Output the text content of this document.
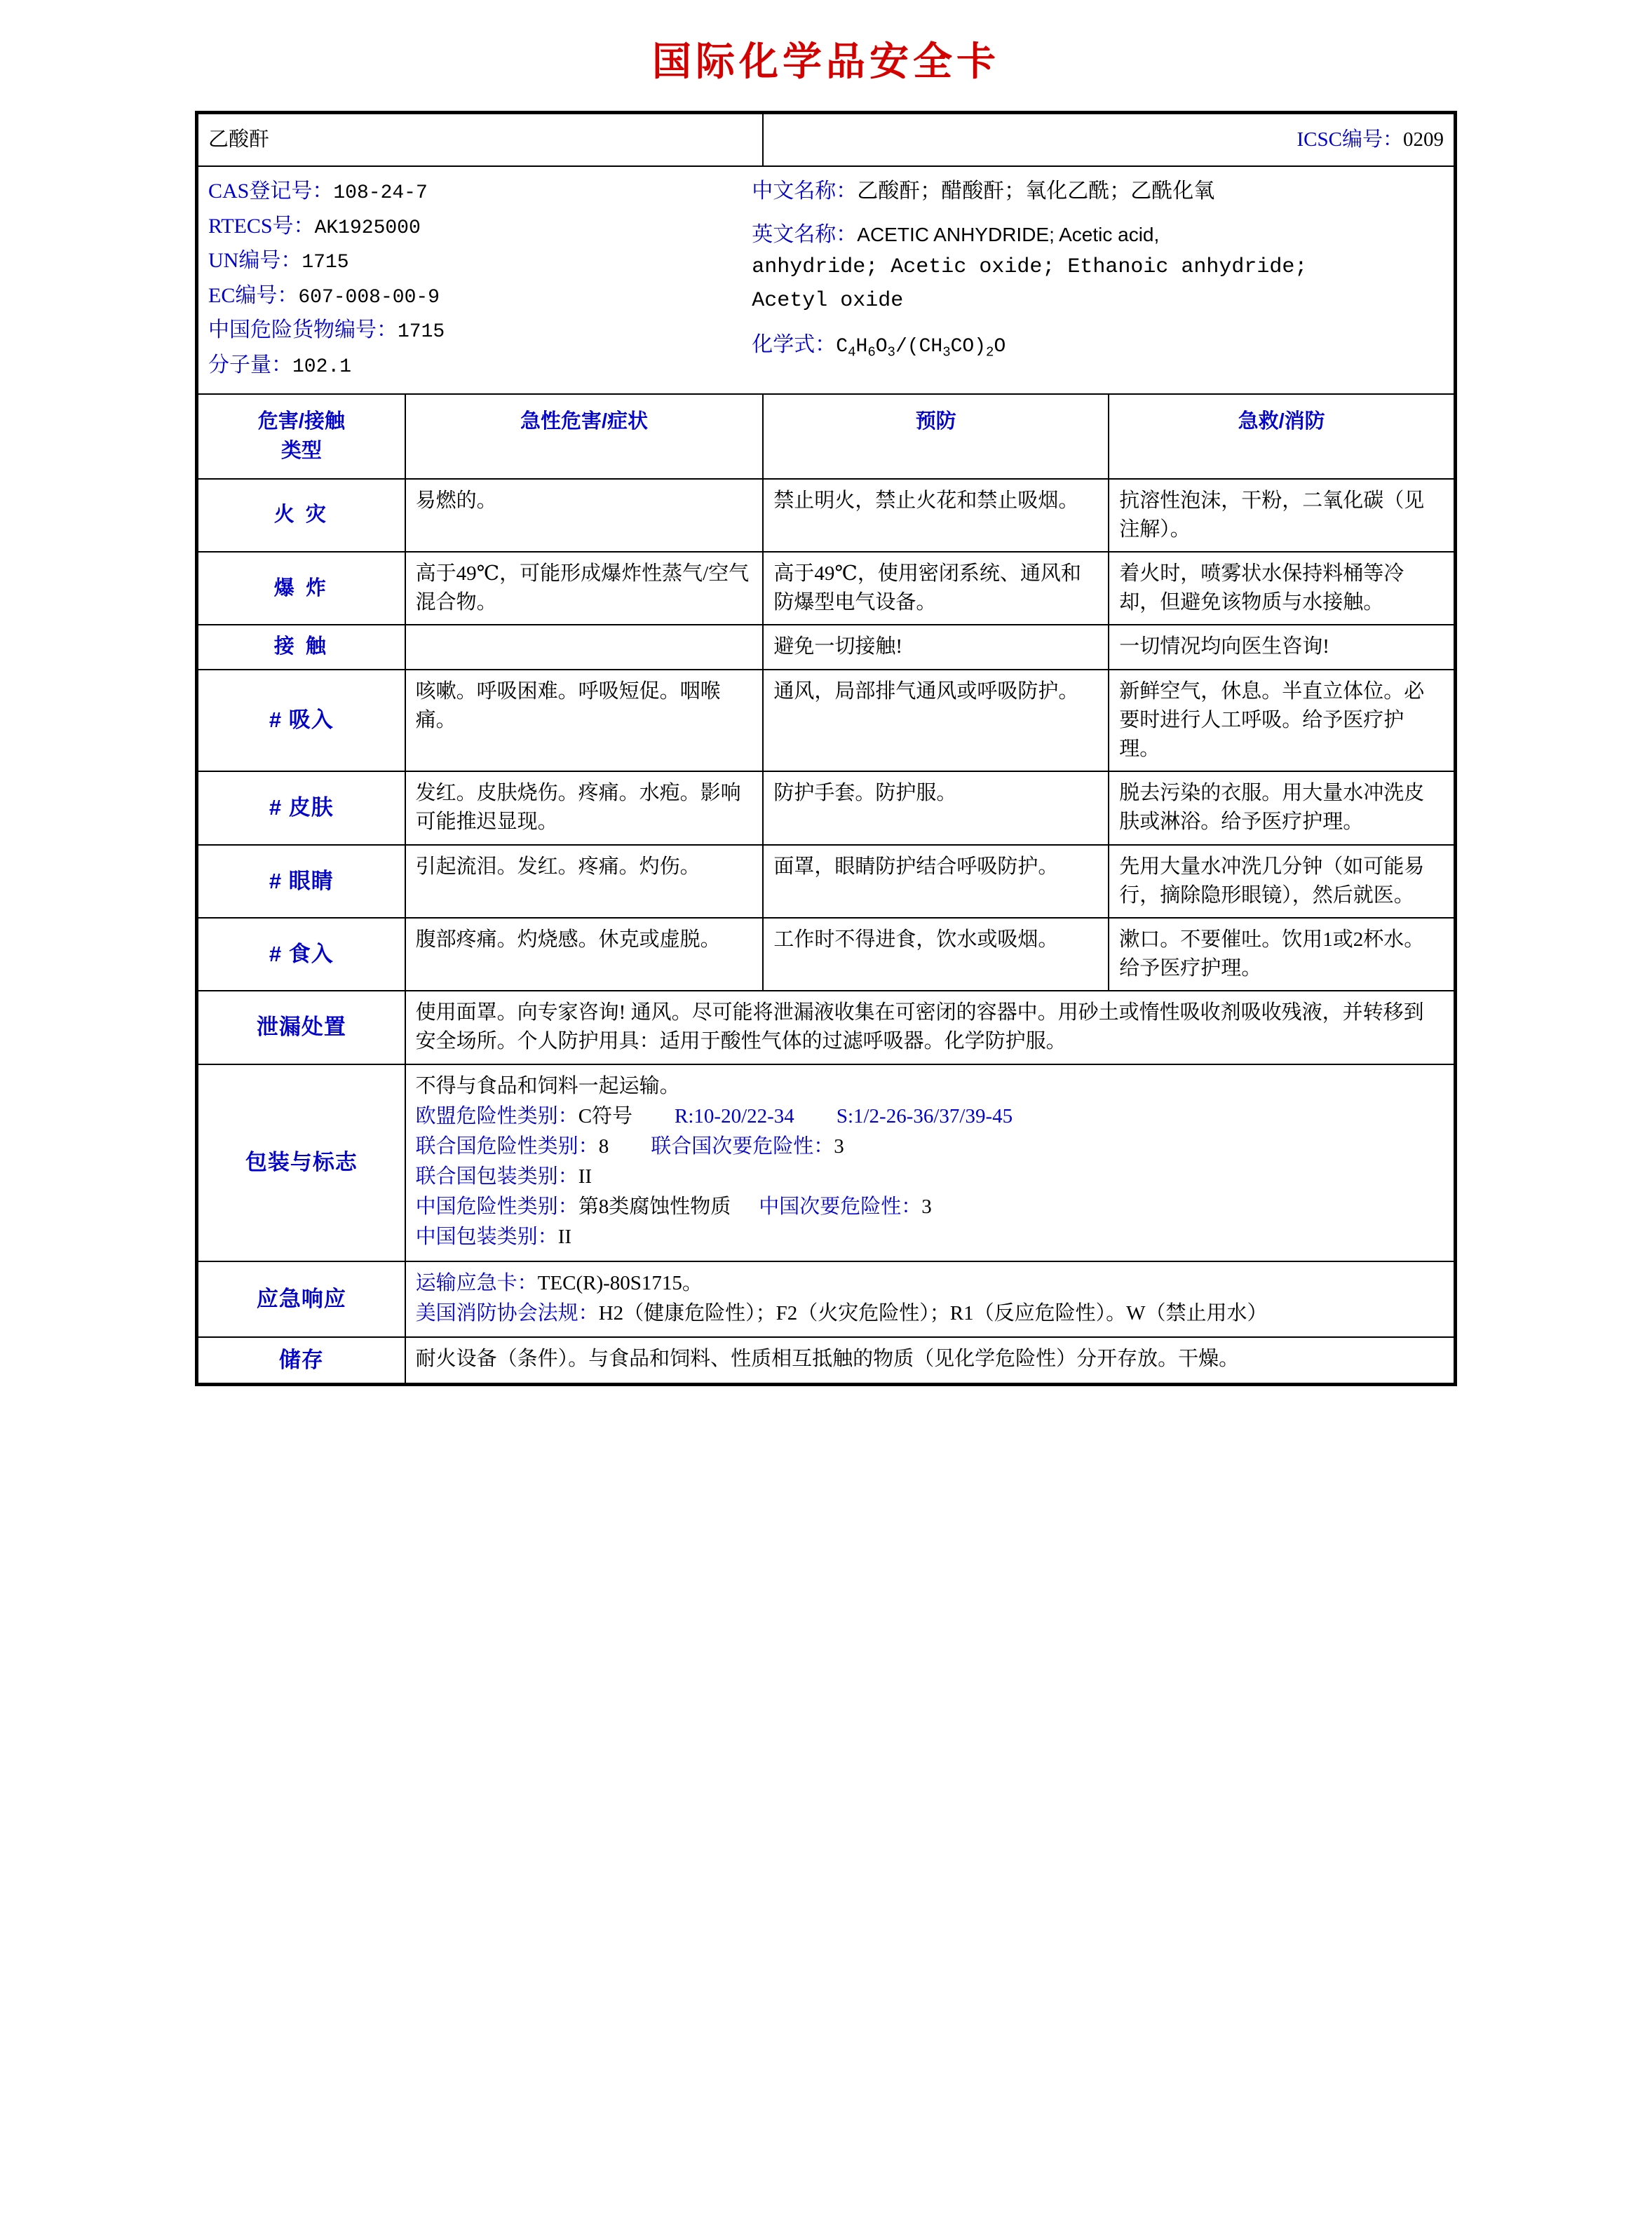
国际化学品安全卡
乙酸酐		ICSC编号：0209	

CAS登记号：108-24-7
RTECS号：AK1925000
UN编号：1715
EC编号：607-008-00-9
中国危险货物编号：1715
分子量：102.1
中文名称：乙酸酐；醋酸酐；氧化乙酰；乙酰化氧
英文名称：ACETIC ANHYDRIDE; Acetic acid,
anhydride; Acetic oxide; Ethanoic anhydride;
Acetyl oxide
化学式：$C_4H_6O_3/(CH_3CO)_2O$

危害/接触
类型	急性危害/症状	预防	急救/消防
火 灾	易燃的。	禁止明火，禁止火花和禁止吸烟。	抗溶性泡沫，干粉，二氧化碳（见注解）。
爆 炸	高于49℃，可能形成爆炸性蒸气/空气混合物。	高于49℃，使用密闭系统、通风和防爆型电气设备。	着火时，喷雾状水保持料桶等冷却，但避免该物质与水接触。
接 触		避免一切接触!	一切情况均向医生咨询!
# 吸入	咳嗽。呼吸困难。呼吸短促。咽喉痛。	通风，局部排气通风或呼吸防护。	新鲜空气，休息。半直立体位。必要时进行人工呼吸。给予医疗护理。
# 皮肤	发红。皮肤烧伤。疼痛。水疱。影响可能推迟显现。	防护手套。防护服。	脱去污染的衣服。用大量水冲洗皮肤或淋浴。给予医疗护理。
# 眼睛	引起流泪。发红。疼痛。灼伤。	面罩，眼睛防护结合呼吸防护。	先用大量水冲洗几分钟（如可能易行，摘除隐形眼镜），然后就医。
# 食入	腹部疼痛。灼烧感。休克或虚脱。	工作时不得进食，饮水或吸烟。	漱口。不要催吐。饮用1或2杯水。给予医疗护理。
泄漏处置	使用面罩。向专家咨询! 通风。尽可能将泄漏液收集在可密闭的容器中。用砂土或惰性吸收剂吸收残液，并转移到安全场所。个人防护用具：适用于酸性气体的过滤呼吸器。化学防护服。		
包装与标志	
不得与食品和饲料一起运输。
欧盟危险性类别：C符号 R:10-20/22-34 S:1/2-26-36/37/39-45
联合国危险性类别：8 联合国次要危险性：3
联合国包装类别：II
中国危险性类别：第8类腐蚀性物质 中国次要危险性：3
中国包装类别：II

应急响应	运输应急卡：TEC(R)-80S1715。
美国消防协会法规：H2（健康危险性）；F2（火灾危险性）；R1（反应危险性）。W（禁止用水）		

储存	耐火设备（条件）。与食品和饲料、性质相互抵触的物质（见化学危险性）分开存放。干燥。		
